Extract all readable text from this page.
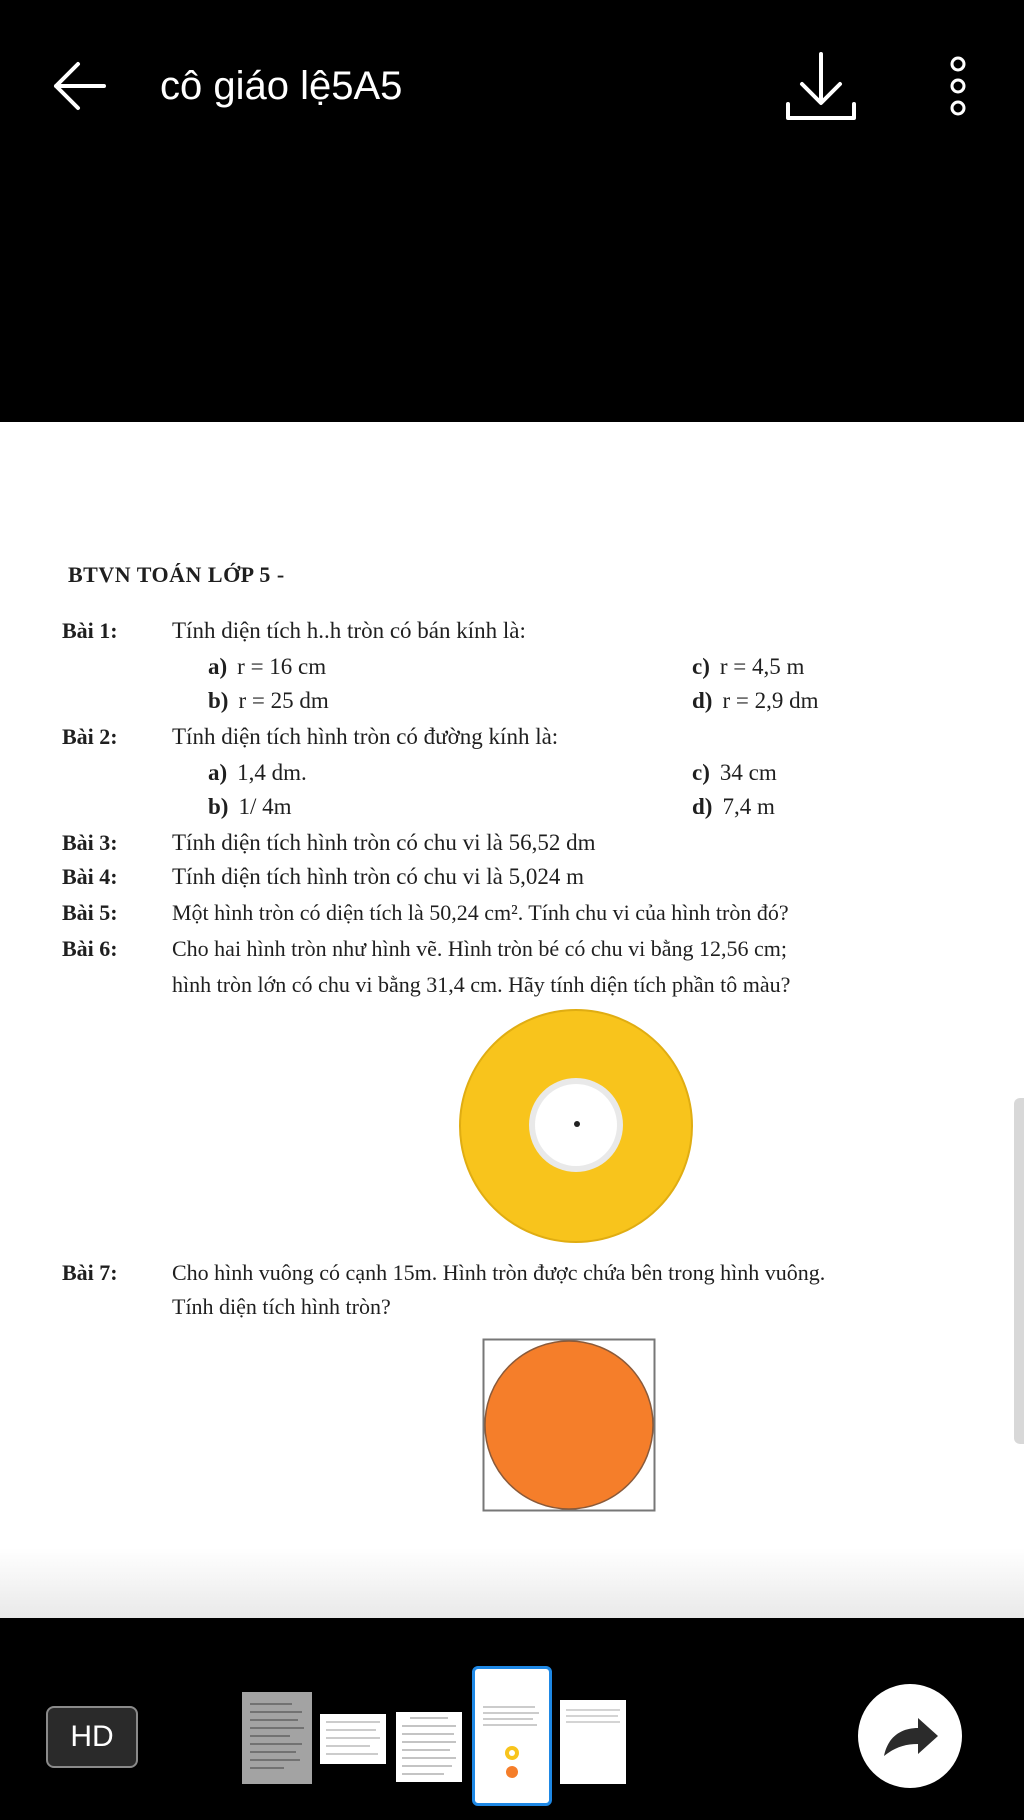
cô giáo lệ5A5
BTVN TOÁN LỚP 5 -
Bài 1: Tính diện tích h..h tròn có bán kính là:
a) r = 16 cm
b) r = 25 dm
c) r = 4,5 m
d) r = 2,9 dm
Bài 2: Tính diện tích hình tròn có đường kính là:
a) 1,4 dm.
b) 1/ 4m
c) 34 cm
d) 7,4 m
Bài 3: Tính diện tích hình tròn có chu vi là 56,52 dm
Bài 4: Tính diện tích hình tròn có chu vi là 5,024 m
Bài 5: Một hình tròn có diện tích là 50,24 cm². Tính chu vi của hình tròn đó?
Bài 6: Cho hai hình tròn như hình vẽ. Hình tròn bé có chu vi bằng 12,56 cm;
hình tròn lớn có chu vi bằng 31,4 cm. Hãy tính diện tích phần tô màu?
Bài 7: Cho hình vuông có cạnh 15m. Hình tròn được chứa bên trong hình vuông.
Tính diện tích hình tròn?
HD
